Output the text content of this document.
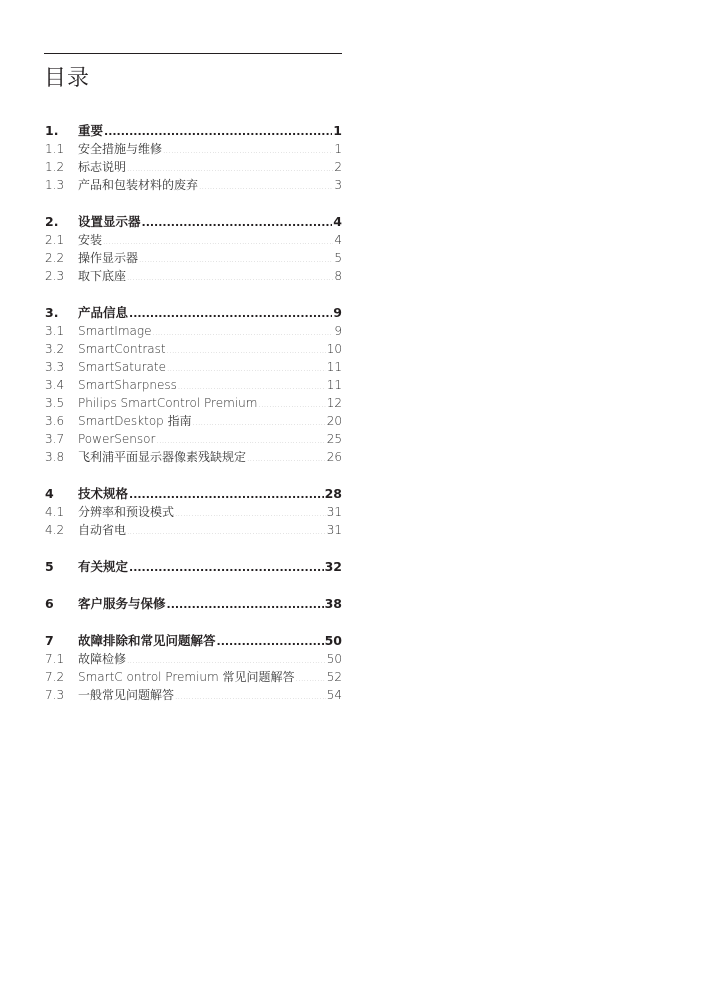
目录
1.	重要 .....	1
1.1	安全措施与维修 .....	1
1.2	标志说明 .....	2
1.3	产品和包装材料的废弃 .....	3
2.	设置显示器 .....	4
2.1	安装 .....	4
2.2	操作显示器 .....	5
2.3	取下底座 .....	8
3.	产品信息 .....	9
3.1	SmartImage .....	9
3.2	SmartContrast .....	10
3.3	SmartSaturate .....	11
3.4	SmartSharpness .....	11
3.5	Philips SmartControl Premium .....	12
3.6	SmartDesktop 指南 .....	20
3.7	PowerSensor .....	25
3.8	飞利浦平面显示器像素残缺规定 .....	26
4	技术规格 .....	28
4.1	分辨率和预设模式 .....	31
4.2	自动省电 .....	31
5	有关规定 .....	32
6	客户服务与保修 .....	38
7	故障排除和常见问题解答 .....	50
7.1	故障检修 .....	50
7.2	SmartC ontrol Premium 常见问题解答 .....	52
7.3	一般常见问题解答 .....	54
